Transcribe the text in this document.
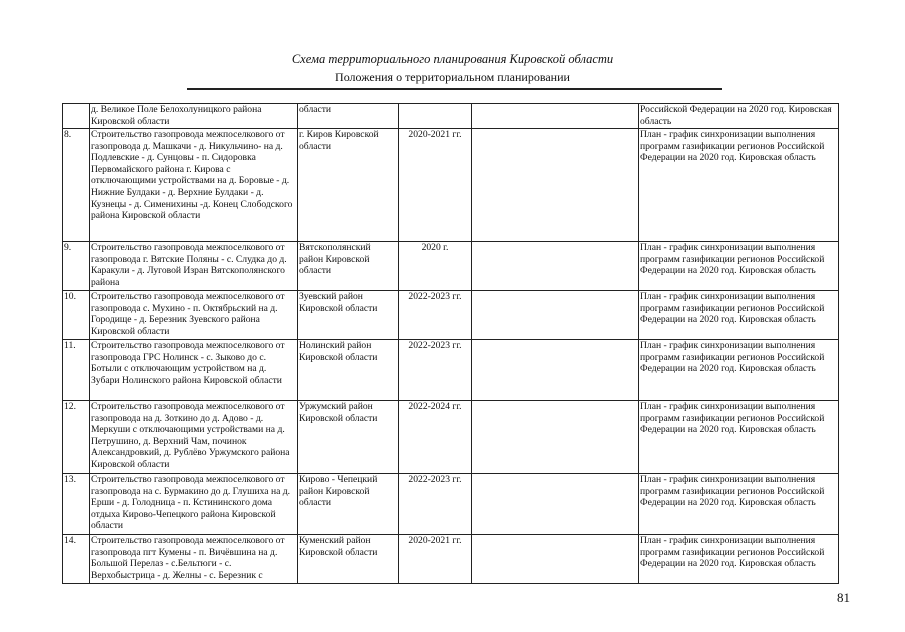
Схема территориального планирования Кировской области
Положения о территориальном планировании
	д. Великое Поле Белохолуницкого района Кировской области	области			Российской Федерации на 2020 год. Кировская область
8.	Строительство газопровода межпоселкового от газопровода д. Машкачи - д. Никульчино- на д. Подлевские - д. Сунцовы - п. Сидоровка Первомайского района г. Кирова с отключающими устройствами на д. Боровые - д. Нижние Булдаки - д. Верхние Булдаки - д. Кузнецы - д. Сименихины -д. Конец Слободского района Кировской области	г. Киров Кировской области	2020-2021 гг.		План - график синхронизации выполнения программ газификации регионов Российской Федерации на 2020 год. Кировская область
9.	Строительство газопровода межпоселкового от газопровода г. Вятские Поляны - с. Слудка до д. Каракули - д. Луговой Изран Вятскополянского района	Вятскополянский район Кировской области	2020 г.		План - график синхронизации выполнения программ газификации регионов Российской Федерации на 2020 год. Кировская область
10.	Строительство газопровода межпоселкового от газопровода с. Мухино - п. Октябрьский на д. Городище - д. Березник Зуевского района Кировской области	Зуевский район Кировской области	2022-2023 гг.		План - график синхронизации выполнения программ газификации регионов Российской Федерации на 2020 год. Кировская область
11.	Строительство газопровода межпоселкового от газопровода ГРС Нолинск - с. Зыково до с. Ботыли с отключающим устройством на д. Зубари Нолинского района Кировской области	Нолинский район Кировской области	2022-2023 гг.		План - график синхронизации выполнения программ газификации регионов Российской Федерации на 2020 год. Кировская область
12.	Строительство газопровода межпоселкового от газопровода на д. Зоткино до д. Адово - д. Меркуши с отключающими устройствами на д. Петрушино, д. Верхний Чам, починок Александровкий, д. Рублёво Уржумского района Кировской области	Уржумский район Кировской области	2022-2024 гг.		План - график синхронизации выполнения программ газификации регионов Российской Федерации на 2020 год. Кировская область
13.	Строительство газопровода межпоселкового от газопровода на с. Бурмакино до д. Глушиха на д. Ерши - д. Голодница - п. Кстининского дома отдыха Кирово-Чепецкого района Кировской области	Кирово - Чепецкий район Кировской области	2022-2023 гг.		План - график синхронизации выполнения программ газификации регионов Российской Федерации на 2020 год. Кировская область
14.	Строительство газопровода межпоселкового от газопровода пгт Кумены - п. Вичёвшина на д. Большой Перелаз - с.Бельтюги - с. Верхобыстрица - д. Желны - с. Березник с	Куменский район Кировской области	2020-2021 гг.		План - график синхронизации выполнения программ газификации регионов Российской Федерации на 2020 год. Кировская область
81
